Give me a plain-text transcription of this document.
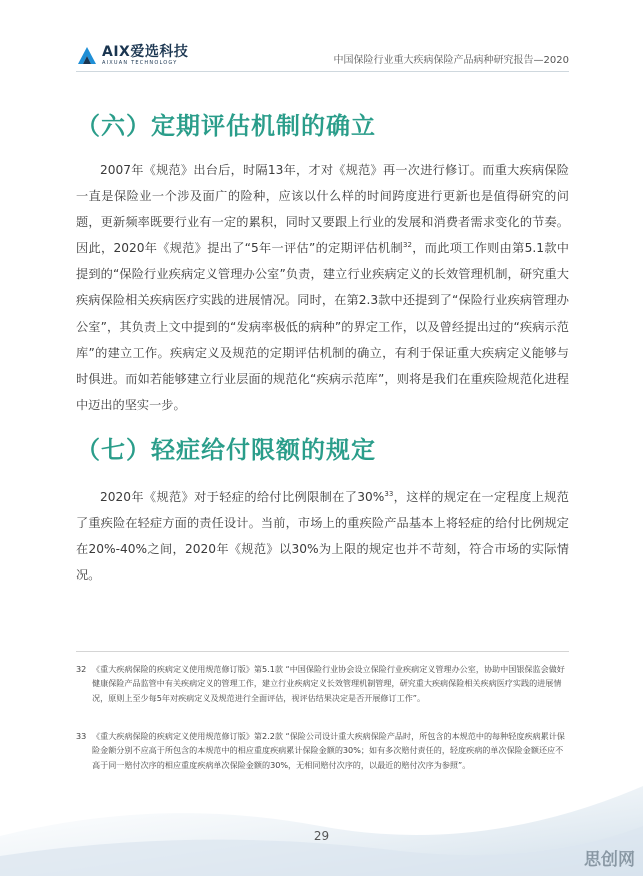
AIX爱选科技
AIXUAN TECHNOLOGY	中国保险行业重大疾病保险产品病种研究报告—2020
（六）定期评估机制的确立

2007年《规范》出台后，时隔13年，才对《规范》再一次进行修订。而重大疾病保险一直是保险业一个涉及面广的险种，应该以什么样的时间跨度进行更新也是值得研究的问题，更新频率既要行业有一定的累积，同时又要跟上行业的发展和消费者需求变化的节奏。因此，2020年《规范》提出了“5年一评估”的定期评估机制$^{32}$，而此项工作则由第5.1款中提到的“保险行业疾病定义管理办公室”负责，建立行业疾病定义的长效管理机制，研究重大疾病保险相关疾病医疗实践的进展情况。同时，在第2.3款中还提到了“保险行业疾病管理办公室”，其负责上文中提到的“发病率极低的病种”的界定工作，以及曾经提出过的“疾病示范库”的建立工作。疾病定义及规范的定期评估机制的确立，有利于保证重大疾病定义能够与时俱进。而如若能够建立行业层面的规范化“疾病示范库”，则将是我们在重疾险规范化进程中迈出的坚实一步。

（七）轻症给付限额的规定

2020年《规范》对于轻症的给付比例限制在了30%$^{33}$，这样的规定在一定程度上规范了重疾险在轻症方面的责任设计。当前，市场上的重疾险产品基本上将轻症的给付比例规定在20%-40%之间，2020年《规范》以30%为上限的规定也并不苛刻，符合市场的实际情况。

32 《重大疾病保险的疾病定义使用规范修订版》第5.1款 “中国保险行业协会设立保险行业疾病定义管理办公室，协助中国银保监会做好健康保险产品监管中有关疾病定义的管理工作，建立行业疾病定义长效管理机制管理，研究重大疾病保险相关疾病医疗实践的进展情况，原则上至少每5年对疾病定义及规范进行全面评估，视评估结果决定是否开展修订工作”。
33 《重大疾病保险的疾病定义使用规范修订版》第2.2款 “保险公司设计重大疾病保险产品时，所包含的本规范中的每种轻度疾病累计保险金额分别不应高于所包含的本规范中的相应重度疾病累计保险金额的30%；如有多次赔付责任的，轻度疾病的单次保险金额还应不高于同一赔付次序的相应重度疾病单次保险金额的30%，无相同赔付次序的，以最近的赔付次序为参照”。
29
思创网
